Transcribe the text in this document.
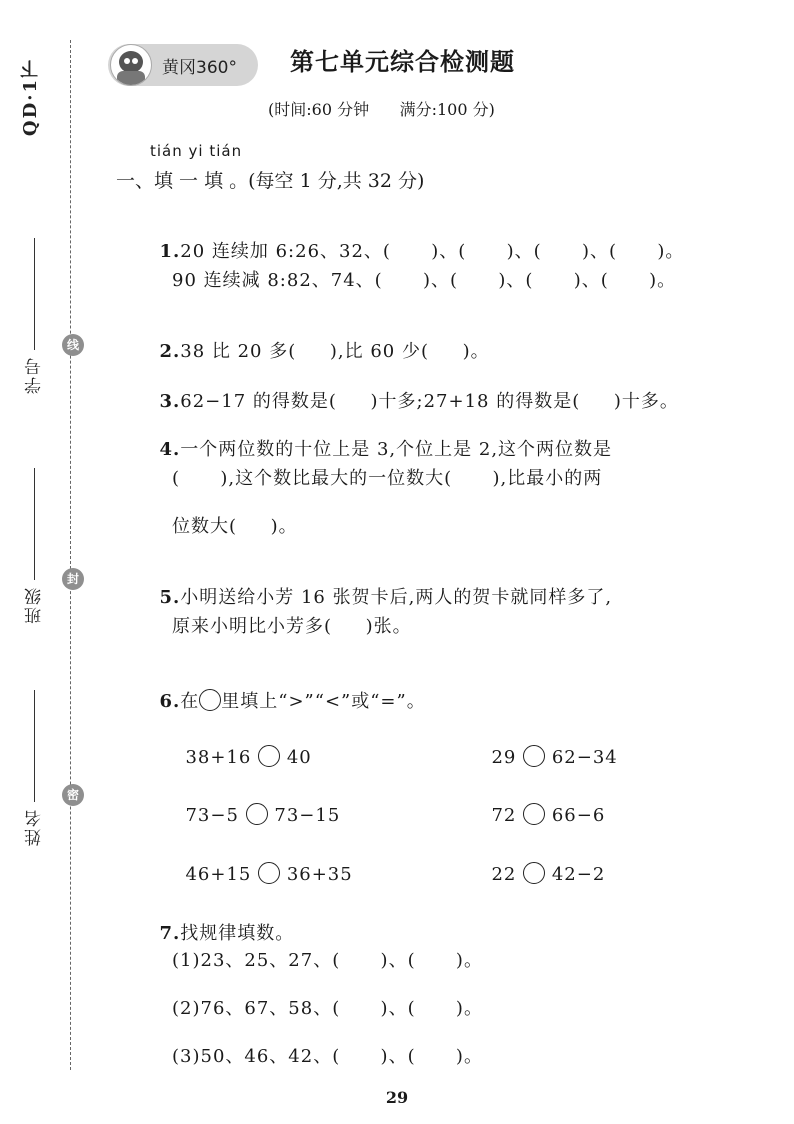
QD·1下
学号
班级
姓名
线
封
密
黄冈360° 第七单元综合检测题
(时间:60 分钟      满分:100 分)
tián yi tián
一、填 一 填 。(每空 1 分,共 32 分)

1.20 连续加 6:26、32、(      )、(      )、(      )、(      )。

90 连续减 8:82、74、(      )、(      )、(      )、(      )。

2.38 比 20 多(     ),比 60 少(     )。

3.62−17 的得数是(     )十多;27+18 的得数是(     )十多。

4.一个两位数的十位上是 3,个位上是 2,这个两位数是

(      ),这个数比最大的一位数大(      ),比最小的两
位数大(     )。

5.小明送给小芳 16 张贺卡后,两人的贺卡就同样多了,

原来小明比小芳多(     )张。

6.在 里填上“>”“<”或“=”。

38+16 40	29 62−34

73−5 73−15	72 66−6

46+15 36+35	22 42−2

7.找规律填数。

(1)23、25、27、(      )、(      )。
(2)76、67、58、(      )、(      )。
(3)50、46、42、(      )、(      )。
29
